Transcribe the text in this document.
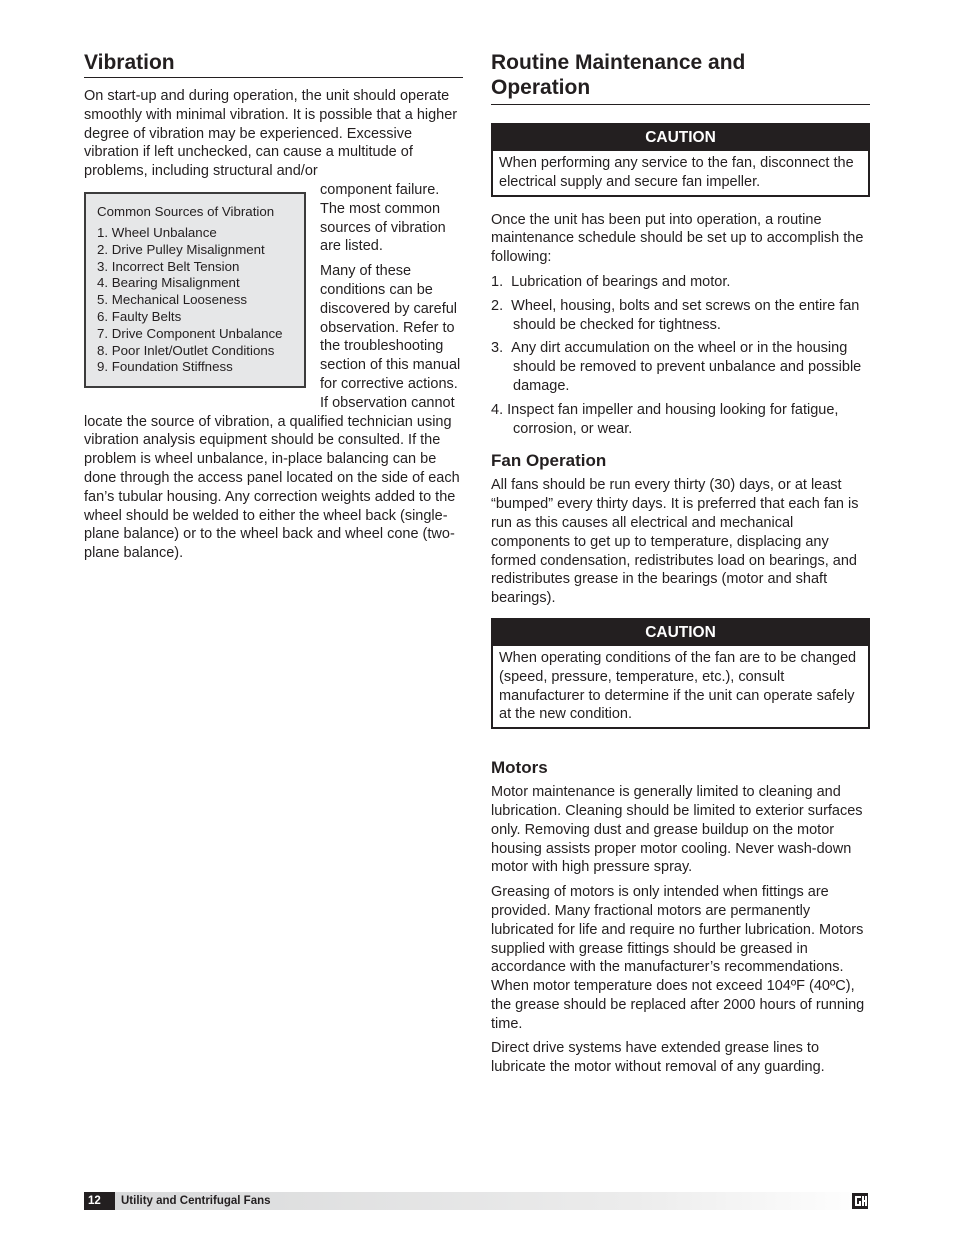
Vibration

On start-up and during operation, the unit should operate smoothly with minimal vibration. It is possible that a higher degree of vibration may be experienced. Excessive vibration if left unchecked, can cause a multitude of problems, including structural and/or

Common Sources of Vibration
1. Wheel Unbalance
2. Drive Pulley Misalignment
3. Incorrect Belt Tension
4. Bearing Misalignment
5. Mechanical Looseness
6. Faulty Belts
7. Drive Component Unbalance
8. Poor Inlet/Outlet Conditions
9. Foundation Stiffness

component failure. The most common sources of vibration are listed.

Many of these conditions can be discovered by careful observation. Refer to the troubleshooting section of this manual for corrective actions. If observation cannot locate the source of vibration, a qualified technician using vibration analysis equipment should be consulted. If the problem is wheel unbalance, in-place balancing can be done through the access panel located on the side of each fan’s tubular housing. Any correction weights added to the wheel should be welded to either the wheel back (single-plane balance) or to the wheel back and wheel cone (two-plane balance).

Routine Maintenance and Operation
CAUTION
When performing any service to the fan, disconnect the electrical supply and secure fan impeller.

Once the unit has been put into operation, a routine maintenance schedule should be set up to accomplish the following:

1.  Lubrication of bearings and motor.
2.  Wheel, housing, bolts and set screws on the entire fan should be checked for tightness.
3.  Any dirt accumulation on the wheel or in the housing should be removed to prevent unbalance and possible damage.
4. Inspect fan impeller and housing looking for fatigue, corrosion, or wear.
Fan Operation

All fans should be run every thirty (30) days, or at least “bumped” every thirty days. It is preferred that each fan is run as this causes all electrical and mechanical components to get up to temperature, displacing any formed condensation, redistributes load on bearings, and redistributes grease in the bearings (motor and shaft bearings).

CAUTION
When operating conditions of the fan are to be changed (speed, pressure, temperature, etc.), consult manufacturer to determine if the unit can operate safely at the new condition.
Motors

Motor maintenance is generally limited to cleaning and lubrication. Cleaning should be limited to exterior surfaces only. Removing dust and grease buildup on the motor housing assists proper motor cooling. Never wash-down motor with high pressure spray.

Greasing of motors is only intended when fittings are provided. Many fractional motors are permanently lubricated for life and require no further lubrication. Motors supplied with grease fittings should be greased in accordance with the manufacturer’s recommendations. When motor temperature does not exceed 104ºF (40ºC), the grease should be replaced after 2000 hours of running time.

Direct drive systems have extended grease lines to lubricate the motor without removal of any guarding.

12	Utility and Centrifugal Fans
